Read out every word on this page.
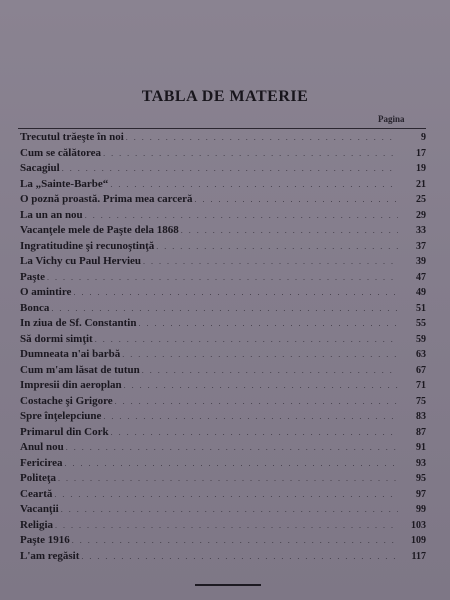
TABLA DE MATERIE
Pagina
Trecutul trăeşte în noi . . .	9
Cum se călătorea . . .	17
Sacagiul . . .	19
La „Sainte-Barbe“ . . .	21
O poznă proastă. Prima mea carceră . . .	25
La un an nou . . .	29
Vacanţele mele de Paşte dela 1868 . . .	33
Ingratitudine şi recunoştinţă . . .	37
La Vichy cu Paul Hervieu . . .	39
Paşte . . .	47
O amintire . . .	49
Bonca . . .	51
In ziua de Sf. Constantin . . .	55
Să dormi simţit . . .	59
Dumneata n'ai barbă . . .	63
Cum m'am lăsat de tutun . . .	67
Impresii din aeroplan . . .	71
Costache şi Grigore . . .	75
Spre înţelepciune . . .	83
Primarul din Cork . . .	87
Anul nou . . .	91
Fericirea . . .	93
Politeţa . . .	95
Ceartă . . .	97
Vacanţii . . .	99
Religia . . .	103
Paşte 1916 . . .	109
L'am regăsit . . .	117
